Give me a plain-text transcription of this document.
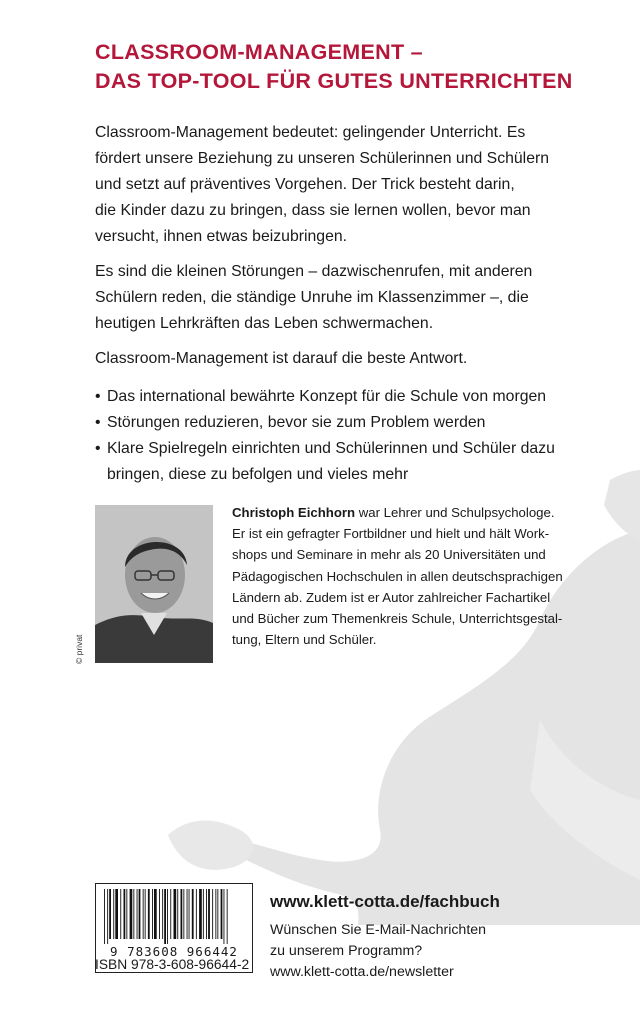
CLASSROOM-MANAGEMENT –
DAS TOP-TOOL FÜR GUTES UNTERRICHTEN

Classroom-Management bedeutet: gelingender Unterricht. Es
fördert unsere Beziehung zu unseren Schülerinnen und Schülern
und setzt auf präventives Vorgehen. Der Trick besteht darin,
die Kinder dazu zu bringen, dass sie lernen wollen, bevor man
versucht, ihnen etwas beizubringen.

Es sind die kleinen Störungen – dazwischenrufen, mit anderen
Schülern reden, die ständige Unruhe im Klassenzimmer –, die
heutigen Lehrkräften das Leben schwermachen.

Classroom-Management ist darauf die beste Antwort.

• Das international bewährte Konzept für die Schule von morgen
• Störungen reduzieren, bevor sie zum Problem werden
• Klare Spielregeln einrichten und Schülerinnen und Schüler dazu
bringen, diese zu befolgen und vieles mehr
© privat
Christoph Eichhorn war Lehrer und Schulpsychologe.
Er ist ein gefragter Fortbildner und hielt und hält Work-
shops und Seminare in mehr als 20 Universitäten und
Pädagogischen Hochschulen in allen deutschsprachigen
Ländern ab. Zudem ist er Autor zahlreicher Fachartikel
und Bücher zum Themenkreis Schule, Unterrichtsgestal-
tung, Eltern und Schüler.
9 783608 966442
ISBN 978-3-608-96644-2
www.klett-cotta.de/fachbuch
Wünschen Sie E-Mail-Nachrichten
zu unserem Programm?
www.klett-cotta.de/newsletter
